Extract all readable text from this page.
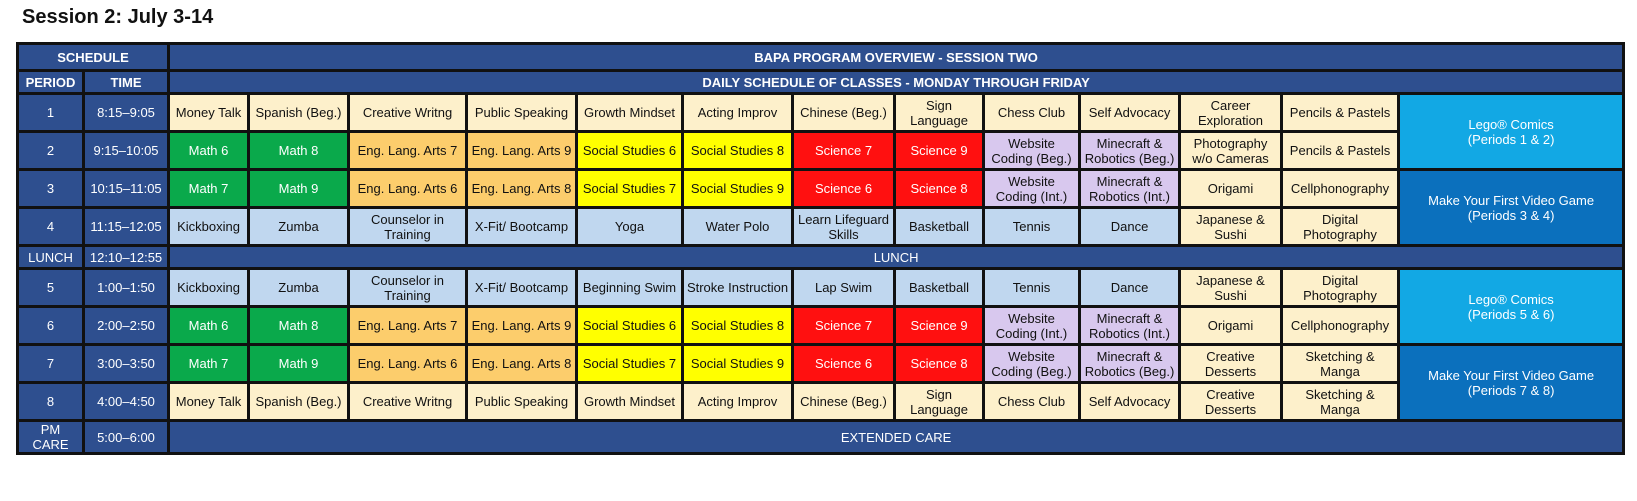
Session 2: July 3-14
SCHEDULE		BAPA PROGRAM OVERVIEW - SESSION TWO												
PERIOD	TIME	DAILY SCHEDULE OF CLASSES - MONDAY THROUGH FRIDAY												
1	8:15–9:05	Money Talk	Spanish (Beg.)	Creative Writng	Public Speaking	Growth Mindset	Acting Improv	Chinese (Beg.)	Sign Language	Chess Club	Self Advocacy	Career Exploration	Pencils & Pastels	Lego® Comics
(Periods 1 & 2)

2	9:15–10:05	Math 6	Math 8	Eng. Lang. Arts 7	Eng. Lang. Arts 9	Social Studies 6	Social Studies 8	Science 7	Science 9	Website Coding (Beg.)	Minecraft & Robotics (Beg.)	Photography w/o Cameras	Pencils & Pastels	
3	10:15–11:05	Math 7	Math 9	Eng. Lang. Arts 6	Eng. Lang. Arts 8	Social Studies 7	Social Studies 9	Science 6	Science 8	Website Coding (Int.)	Minecraft & Robotics (Int.)	Origami	Cellphonography	Make Your First Video Game
(Periods 3 & 4)

4	11:15–12:05	Kickboxing	Zumba	Counselor in Training	X-Fit/ Bootcamp	Yoga	Water Polo	Learn Lifeguard Skills	Basketball	Tennis	Dance	Japanese & Sushi	Digital Photography	
LUNCH	12:10–12:55	LUNCH												
5	1:00–1:50	Kickboxing	Zumba	Counselor in Training	X-Fit/ Bootcamp	Beginning Swim	Stroke Instruction	Lap Swim	Basketball	Tennis	Dance	Japanese & Sushi	Digital Photography	Lego® Comics
(Periods 5 & 6)

6	2:00–2:50	Math 6	Math 8	Eng. Lang. Arts 7	Eng. Lang. Arts 9	Social Studies 6	Social Studies 8	Science 7	Science 9	Website Coding (Int.)	Minecraft & Robotics (Int.)	Origami	Cellphonography	
7	3:00–3:50	Math 7	Math 9	Eng. Lang. Arts 6	Eng. Lang. Arts 8	Social Studies 7	Social Studies 9	Science 6	Science 8	Website Coding (Beg.)	Minecraft & Robotics (Beg.)	Creative Desserts	Sketching & Manga	Make Your First Video Game
(Periods 7 & 8)

8	4:00–4:50	Money Talk	Spanish (Beg.)	Creative Writng	Public Speaking	Growth Mindset	Acting Improv	Chinese (Beg.)	Sign Language	Chess Club	Self Advocacy	Creative Desserts	Sketching & Manga	
PM CARE	5:00–6:00	EXTENDED CARE												
